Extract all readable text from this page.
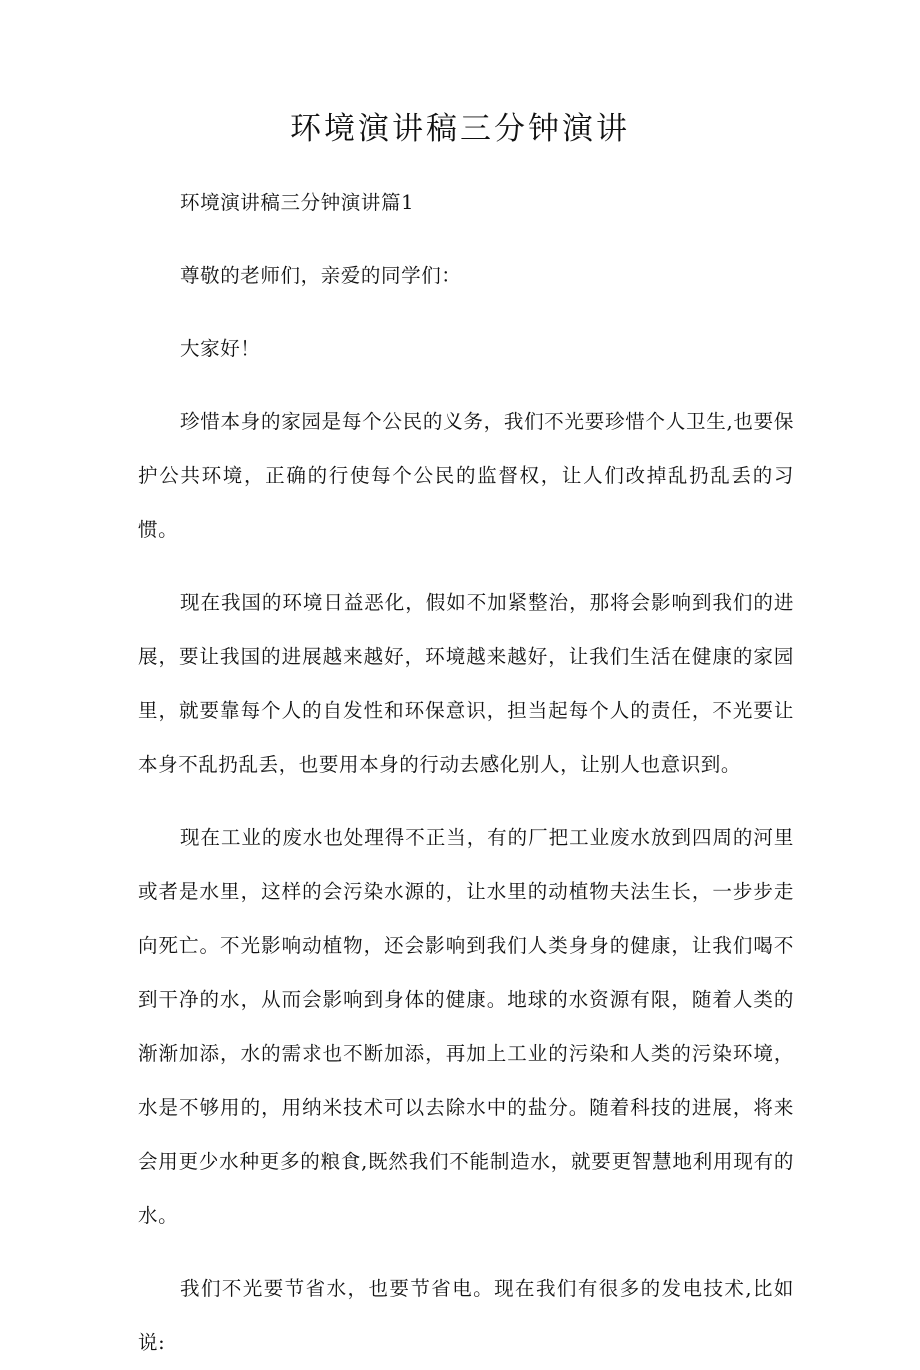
环境演讲稿三分钟演讲

环境演讲稿三分钟演讲篇1

尊敬的老师们，亲爱的同学们：

大家好！

珍惜本身的家园是每个公民的义务，我们不光要珍惜个人卫生,也要保护公共环境，正确的行使每个公民的监督权，让人们改掉乱扔乱丢的习惯。

现在我国的环境日益恶化，假如不加紧整治，那将会影响到我们的进展，要让我国的进展越来越好，环境越来越好，让我们生活在健康的家园里，就要靠每个人的自发性和环保意识，担当起每个人的责任，不光要让本身不乱扔乱丢，也要用本身的行动去感化别人，让别人也意识到。

现在工业的废水也处理得不正当，有的厂把工业废水放到四周的河里或者是水里，这样的会污染水源的，让水里的动植物夫法生长，一步步走向死亡。不光影响动植物，还会影响到我们人类身身的健康，让我们喝不到干净的水，从而会影响到身体的健康。地球的水资源有限，随着人类的渐渐加添，水的需求也不断加添，再加上工业的污染和人类的污染环境，水是不够用的，用纳米技术可以去除水中的盐分。随着科技的进展，将来会用更少水种更多的粮食,既然我们不能制造水，就要更智慧地利用现有的水。

我们不光要节省水，也要节省电。现在我们有很多的发电技术,比如说:
